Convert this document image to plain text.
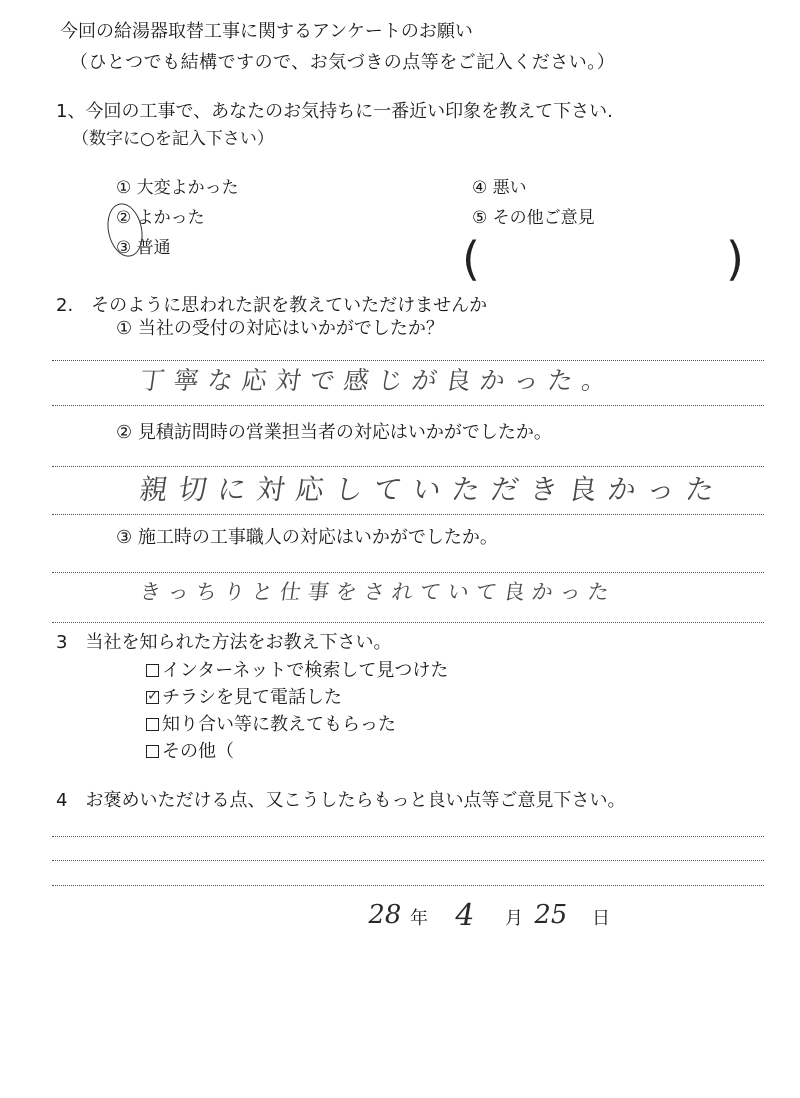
今回の給湯器取替工事に関するアンケートのお願い
（ひとつでも結構ですので、お気づきの点等をご記入ください。）
1、今回の工事で、あなたのお気持ちに一番近い印象を教えて下さい.
（数字に○を記入下さい）
① 大変よかった
② よかった
③ 普通
④ 悪い
⑤ その他ご意見
(	)
2.　そのように思われた訳を教えていただけませんか
① 当社の受付の対応はいかがでしたか？
丁寧な応対で感じが良かった。
② 見積訪問時の営業担当者の対応はいかがでしたか。
親切に対応していただき良かった
③ 施工時の工事職人の対応はいかがでしたか。
きっちりと仕事をされていて良かった
3　当社を知られた方法をお教え下さい。
インターネットで検索して見つけた
✓チラシを見て電話した
知り合い等に教えてもらった
その他（
4　お褒めいただける点、又こうしたらもっと良い点等ご意見下さい。
28 年 4 月 25 日
